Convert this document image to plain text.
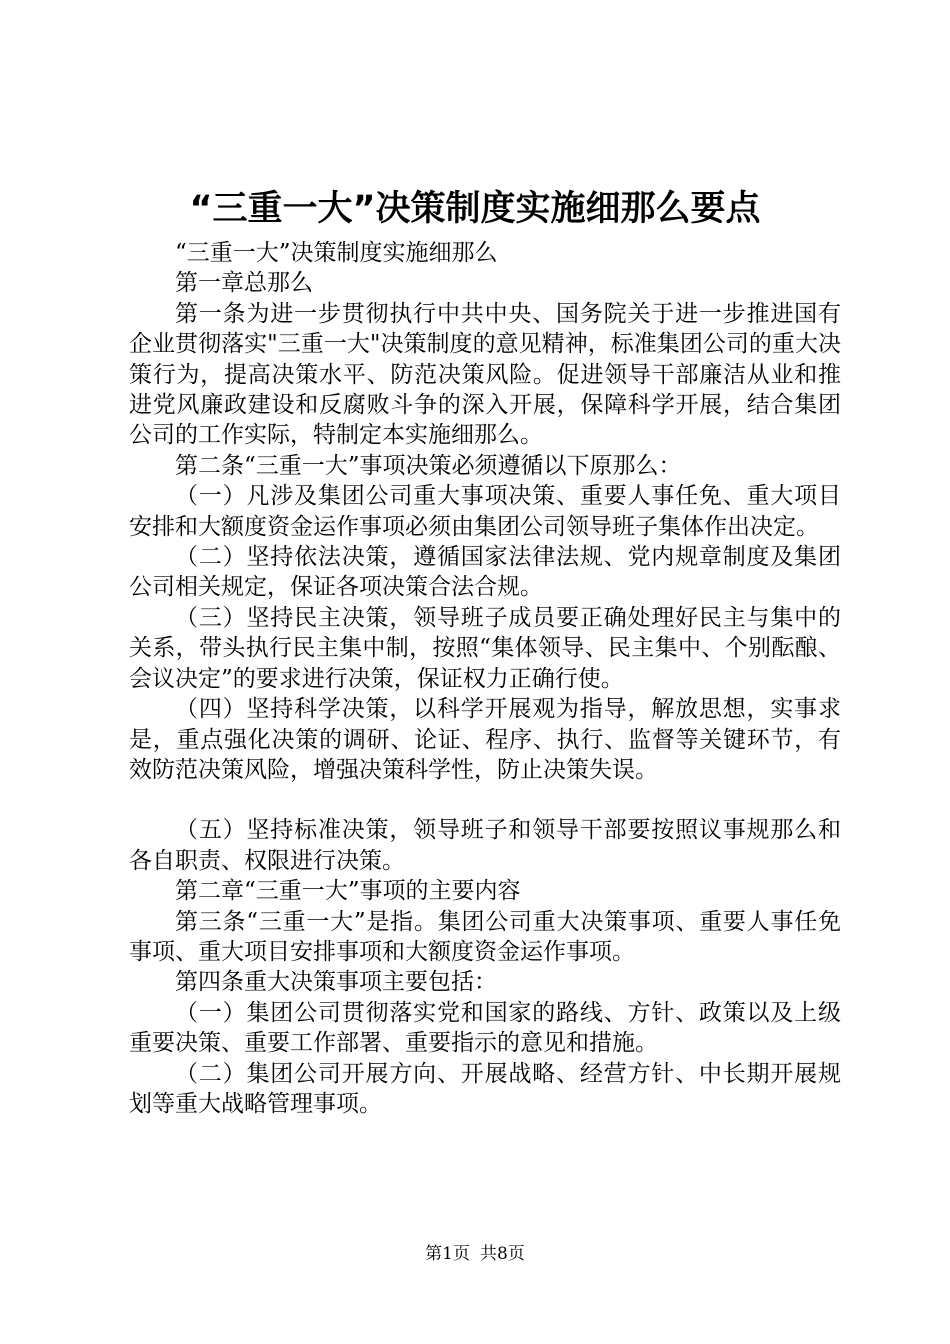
“三重一大”决策制度实施细那么要点

“三重一大”决策制度实施细那么

第一章总那么

第一条为进一步贯彻执行中共中央、国务院关于进一步推进国有企业贯彻落实"三重一大"决策制度的意见精神，标准集团公司的重大决策行为，提高决策水平、防范决策风险。促进领导干部廉洁从业和推进党风廉政建设和反腐败斗争的深入开展，保障科学开展，结合集团公司的工作实际，特制定本实施细那么。

第二条“三重一大”事项决策必须遵循以下原那么：

（一）凡涉及集团公司重大事项决策、重要人事任免、重大项目安排和大额度资金运作事项必须由集团公司领导班子集体作出决定。

（二）坚持依法决策，遵循国家法律法规、党内规章制度及集团公司相关规定，保证各项决策合法合规。

（三）坚持民主决策，领导班子成员要正确处理好民主与集中的关系，带头执行民主集中制，按照“集体领导、民主集中、个别酝酿、会议决定”的要求进行决策，保证权力正确行使。

（四）坚持科学决策，以科学开展观为指导，解放思想，实事求是，重点强化决策的调研、论证、程序、执行、监督等关键环节，有效防范决策风险，增强决策科学性，防止决策失误。

（五）坚持标准决策，领导班子和领导干部要按照议事规那么和各自职责、权限进行决策。

第二章“三重一大”事项的主要内容

第三条“三重一大”是指。集团公司重大决策事项、重要人事任免事项、重大项目安排事项和大额度资金运作事项。

第四条重大决策事项主要包括：

（一）集团公司贯彻落实党和国家的路线、方针、政策以及上级重要决策、重要工作部署、重要指示的意见和措施。

（二）集团公司开展方向、开展战略、经营方针、中长期开展规划等重大战略管理事项。

第1页 共8页
